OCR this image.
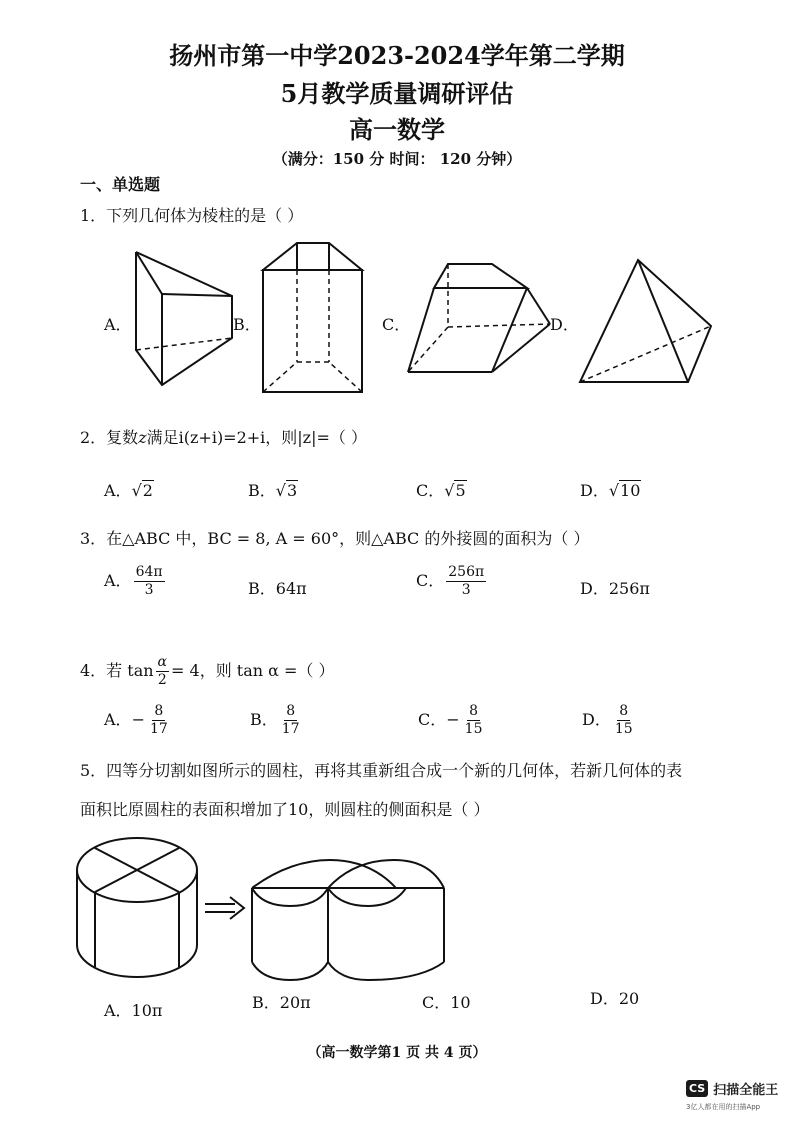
扬州市第一中学2023-2024学年第二学期
5月教学质量调研评估
高一数学
（满分：150 分 时间： 120 分钟）
一、单选题
1．下列几何体为棱柱的是（ ）
A．	B．	C．	D．
2．复数z满足i(z+i)=2+i，则|z|=（ ）
A．√2	B．√3	C．√5	D．√10
3．在△ABC 中，BC = 8, A = 60°，则△ABC 的外接圆的面积为（ ）
A． $\frac{64\pi}{3}$	B．64π	C． $\frac{256\pi}{3}$	D．256π
4．若 $\tan \frac{\alpha}{2} = 4$，则 tan α =（ ）
A．− $\frac{8}{17}$	B． $\frac{8}{17}$	C．− $\frac{8}{15}$	D． $\frac{8}{15}$
5．四等分切割如图所示的圆柱，再将其重新组合成一个新的几何体，若新几何体的表
面积比原圆柱的表面积增加了10，则圆柱的侧面积是（ ）
A．10π	B．20π	C．10	D．20
（高一数学第1 页 共 4 页）
CS 扫描全能王
3亿人都在用的扫描App
